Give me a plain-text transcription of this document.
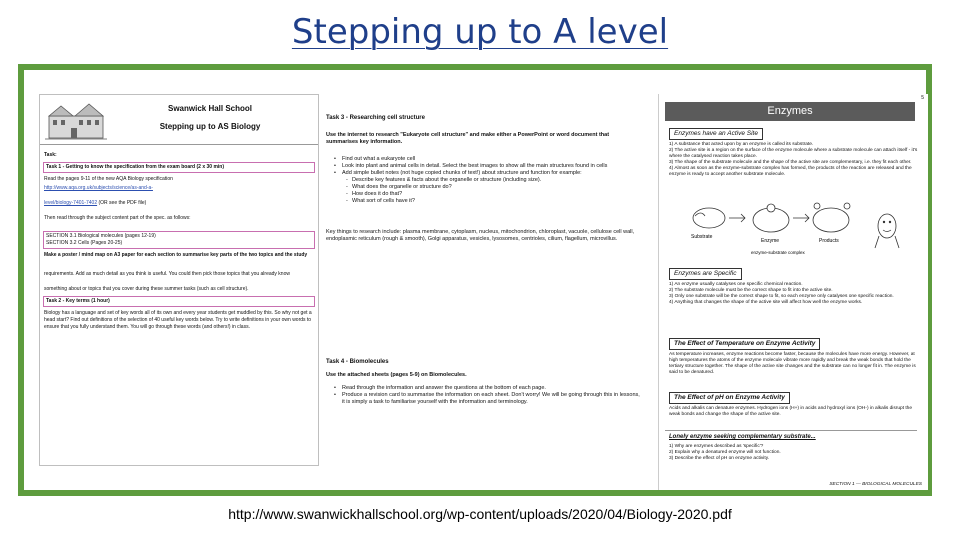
Stepping up to A level
Swanwick Hall School
Stepping up to AS Biology
Task:
Task 1 - Getting to know the specification from the exam board (2 x 30 min)
Read the pages 9-11 of the new AQA Biology specification
http://www.aqa.org.uk/subjects/science/as-and-a-
level/biology-7401-7402 (OR see the PDF file)
Then read through the subject content part of the spec. as follows:
SECTION 3.1 Biological molecules (pages 12-19)
SECTION 3.2 Cells (Pages 20-25)
Make a poster / mind map on A3 paper for each section to summarise key parts of the two topics and the study
requirements. Add as much detail as you think is useful. You could then pick those topics that you already know
something about or topics that you cover during these summer tasks (such as cell structure).
Task 2 - Key terms (1 hour)
Biology has a language and set of key words all of its own and every year students get muddled by this. So why not get a head start? Find out definitions of the selection of 40 useful key words below. Try to write definitions in your own words to ensure that you fully understand them. You will go through these words (and others!) in class.
Task 3 - Researching cell structure
Use the internet to research "Eukaryote cell structure" and make either a PowerPoint or word document that summarises key information.
• Find out what a eukaryote cell
• Look into plant and animal cells in detail. Select the best images to show all the main structures found in cells
• Add simple bullet notes (not huge copied chunks of text!) about structure and function for example:
- Describe key features & facts about the organelle or structure (including size).
- What does the organelle or structure do?
- How does it do that?
- What sort of cells have it?
Key things to research include: plasma membrane, cytoplasm, nucleus, mitochondrion, chloroplast, vacuole, cellulose cell wall, endoplasmic reticulum (rough & smooth), Golgi apparatus, vesicles, lysosomes, centrioles, cilium, flagellum, microvillus.
Task 4 - Biomolecules
Use the attached sheets (pages 5-9) on Biomolecules.
• Read through the information and answer the questions at the bottom of each page.
• Produce a revision card to summarise the information on each sheet. Don't worry! We will be going through this in lessons, it is simply a task to familiarise yourself with the information and terminology.
5
Enzymes
Enzymes have an Active Site
1) A substance that acted upon by an enzyme is called its substrate.
2) The active site is a region on the surface of the enzyme molecule where a substrate molecule can attach itself - it's where the catalysed reaction takes place.
3) The shape of the substrate molecule and the shape of the active site are complementary, i.e. they fit each other.
4) Almost as soon as the enzyme-substrate complex has formed, the products of the reaction are released and the enzyme is ready to accept another substrate molecule.
Substrate
Enzyme	Products
enzyme-substrate complex
Enzymes are Specific
1) An enzyme usually catalyses one specific chemical reaction.
2) The substrate molecule must be the correct shape to fit into the active site.
3) Only one substrate will be the correct shape to fit, so each enzyme only catalyses one specific reaction.
4) Anything that changes the shape of the active site will affect how well the enzyme works.
The Effect of Temperature on Enzyme Activity
As temperature increases, enzyme reactions become faster, because the molecules have more energy. However, at high temperatures the atoms of the enzyme molecule vibrate more rapidly and break the weak bonds that hold the tertiary structure together. The shape of the active site changes and the substrate can no longer fit in. The enzyme is said to be denatured.
The Effect of pH on Enzyme Activity
Acids and alkalis can denature enzymes. Hydrogen ions (H+) in acids and hydroxyl ions (OH-) in alkalis disrupt the weak bonds and change the shape of the active site.
Lonely enzyme seeking complementary substrate...
1) Why are enzymes described as 'specific'?
2) Explain why a denatured enzyme will not function.
3) Describe the effect of pH on enzyme activity.
SECTION 1 — BIOLOGICAL MOLECULES
http://www.swanwickhallschool.org/wp-content/uploads/2020/04/Biology-2020.pdf
